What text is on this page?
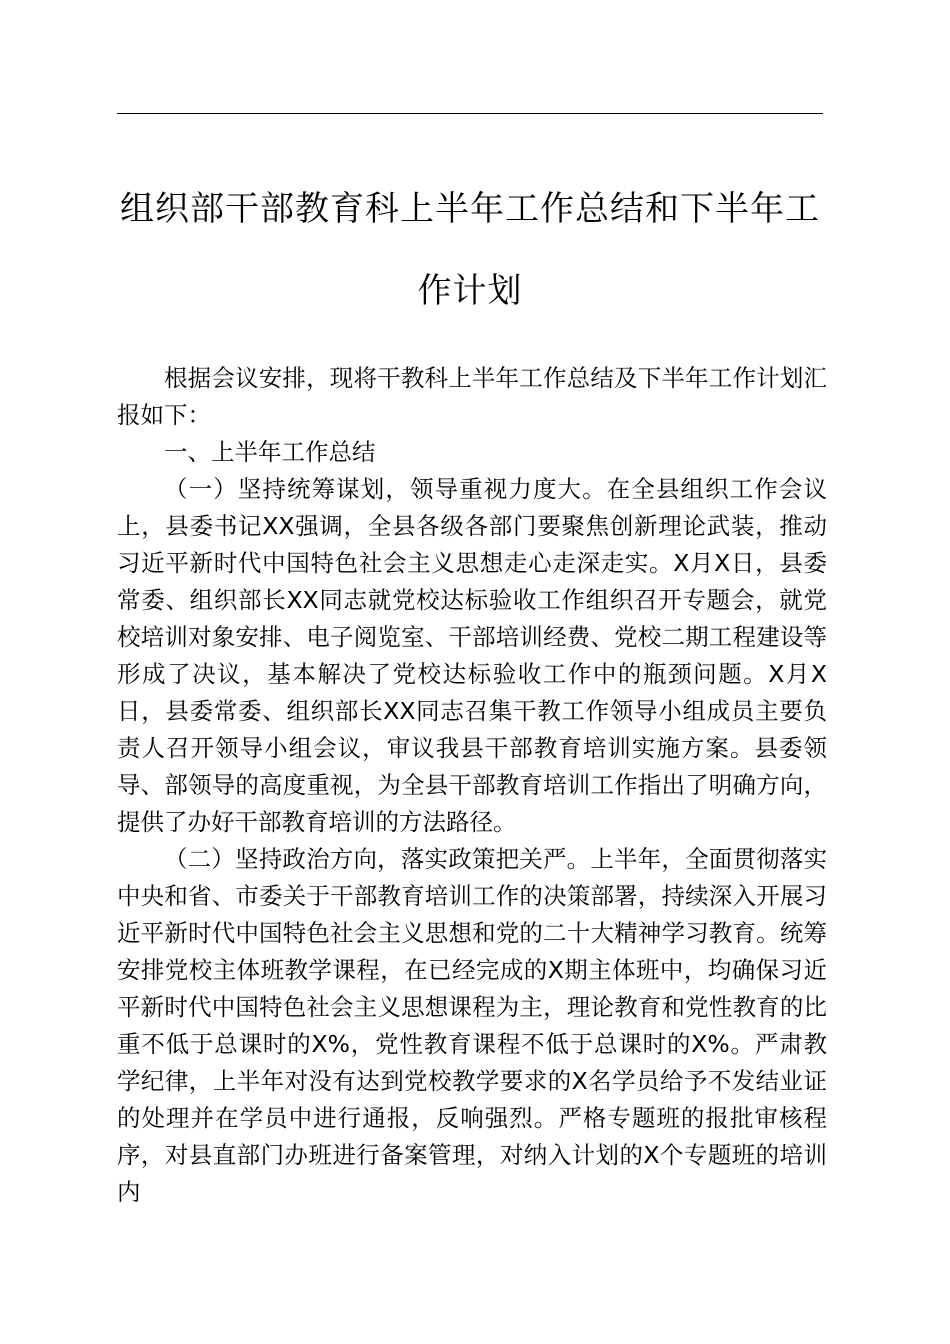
组织部干部教育科上半年工作总结和下半年工作计划

根据会议安排，现将干教科上半年工作总结及下半年工作计划汇报如下：

一、上半年工作总结

（一）坚持统筹谋划，领导重视力度大。在全县组织工作会议上，县委书记XX强调，全县各级各部门要聚焦创新理论武装，推动习近平新时代中国特色社会主义思想走心走深走实。X月X日，县委常委、组织部长XX同志就党校达标验收工作组织召开专题会，就党校培训对象安排、电子阅览室、干部培训经费、党校二期工程建设等形成了决议，基本解决了党校达标验收工作中的瓶颈问题。X月X日，县委常委、组织部长XX同志召集干教工作领导小组成员主要负责人召开领导小组会议，审议我县干部教育培训实施方案。县委领导、部领导的高度重视，为全县干部教育培训工作指出了明确方向，提供了办好干部教育培训的方法路径。

（二）坚持政治方向，落实政策把关严。上半年，全面贯彻落实中央和省、市委关于干部教育培训工作的决策部署，持续深入开展习近平新时代中国特色社会主义思想和党的二十大精神学习教育。统筹安排党校主体班教学课程，在已经完成的X期主体班中，均确保习近平新时代中国特色社会主义思想课程为主，理论教育和党性教育的比重不低于总课时的X%，党性教育课程不低于总课时的X%。严肃教学纪律，上半年对没有达到党校教学要求的X名学员给予不发结业证的处理并在学员中进行通报，反响强烈。严格专题班的报批审核程序，对县直部门办班进行备案管理，对纳入计划的X个专题班的培训内
